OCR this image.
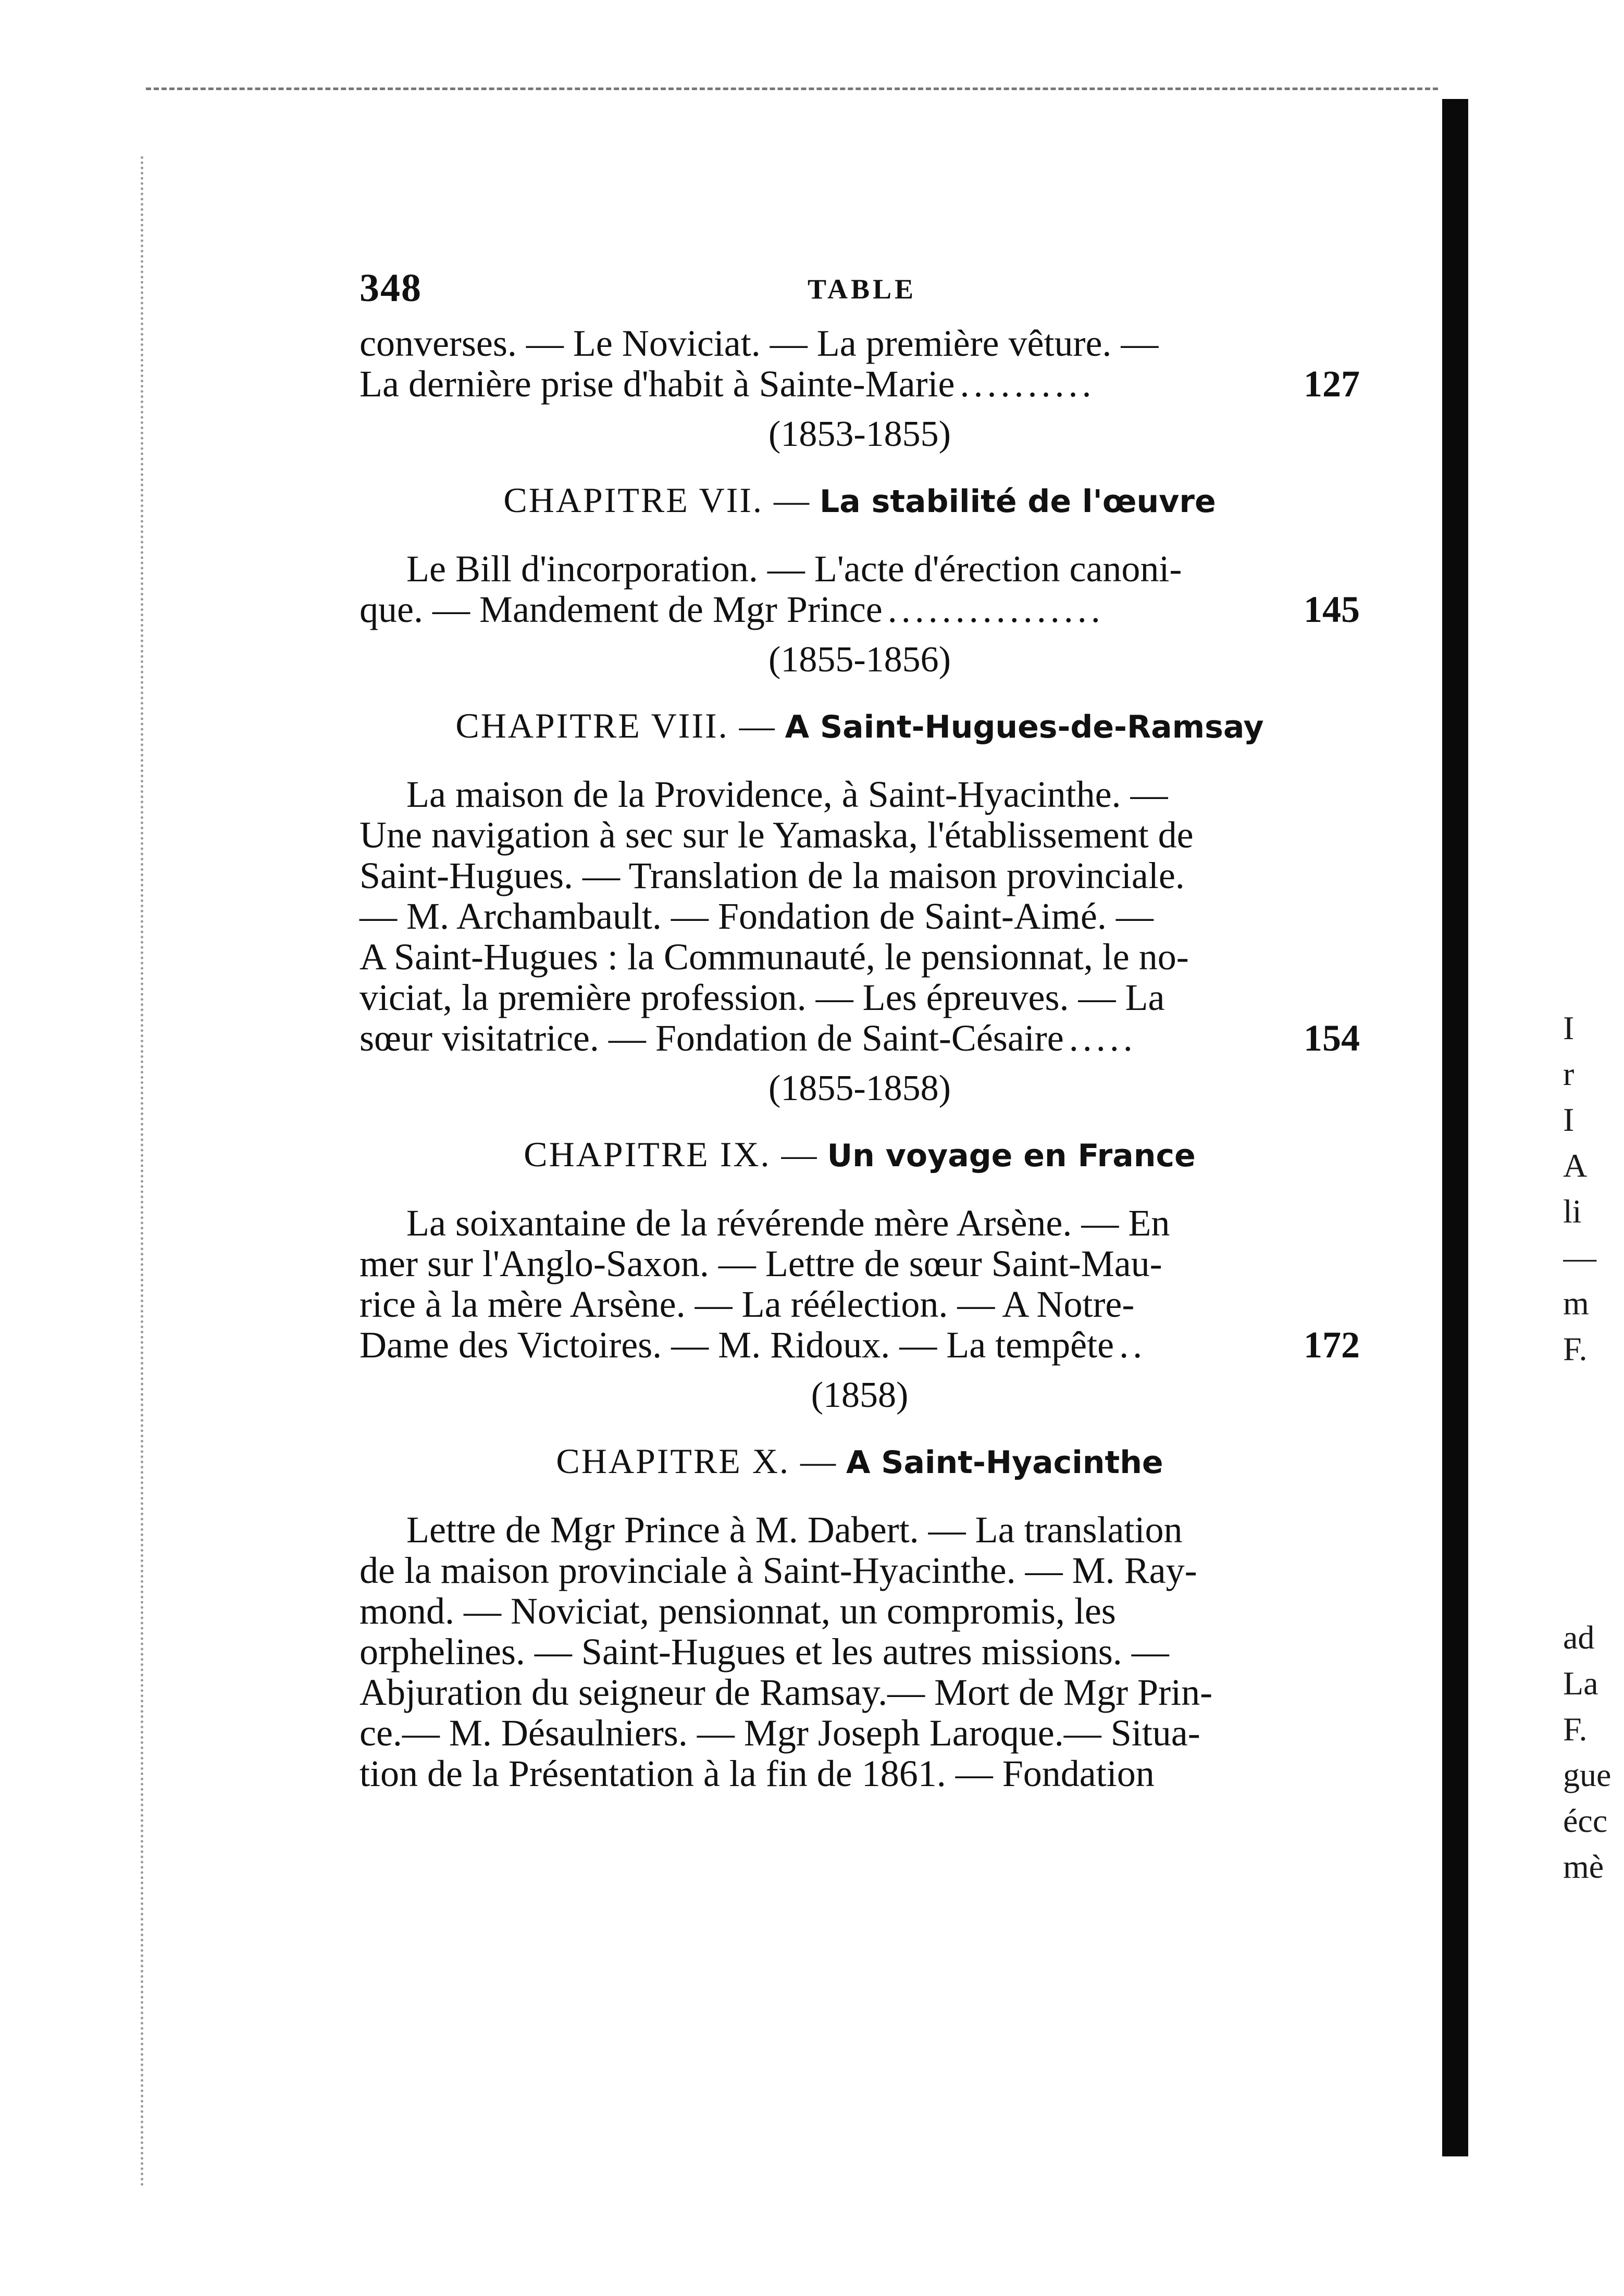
I
r
I
A
li
—
m
F.
ad
La
F.
gue
écc
mè
348	TABLE
converses. — Le Noviciat. — La première vêture. —
La dernière prise d'habit à Sainte-Marie ..........	127
(1853-1855)
CHAPITRE VII. — La stabilité de l'œuvre
Le Bill d'incorporation. — L'acte d'érection canoni-
que. — Mandement de Mgr Prince ................	145
(1855-1856)
CHAPITRE VIII. — A Saint-Hugues-de-Ramsay
La maison de la Providence, à Saint-Hyacinthe. —
Une navigation à sec sur le Yamaska, l'établissement de
Saint-Hugues. — Translation de la maison provinciale.
— M. Archambault. — Fondation de Saint-Aimé. —
A Saint-Hugues : la Communauté, le pensionnat, le no-
viciat, la première profession. — Les épreuves. — La
sœur visitatrice. — Fondation de Saint-Césaire .....	154
(1855-1858)
CHAPITRE IX. — Un voyage en France
La soixantaine de la révérende mère Arsène. — En
mer sur l'Anglo-Saxon. — Lettre de sœur Saint-Mau-
rice à la mère Arsène. — La réélection. — A Notre-
Dame des Victoires. — M. Ridoux. — La tempête ..	172
(1858)
CHAPITRE X. — A Saint-Hyacinthe
Lettre de Mgr Prince à M. Dabert. — La translation
de la maison provinciale à Saint-Hyacinthe. — M. Ray-
mond. — Noviciat, pensionnat, un compromis, les
orphelines. — Saint-Hugues et les autres missions. —
Abjuration du seigneur de Ramsay.— Mort de Mgr Prin-
ce.— M. Désaulniers. — Mgr Joseph Laroque.— Situa-
tion de la Présentation à la fin de 1861. — Fondation
